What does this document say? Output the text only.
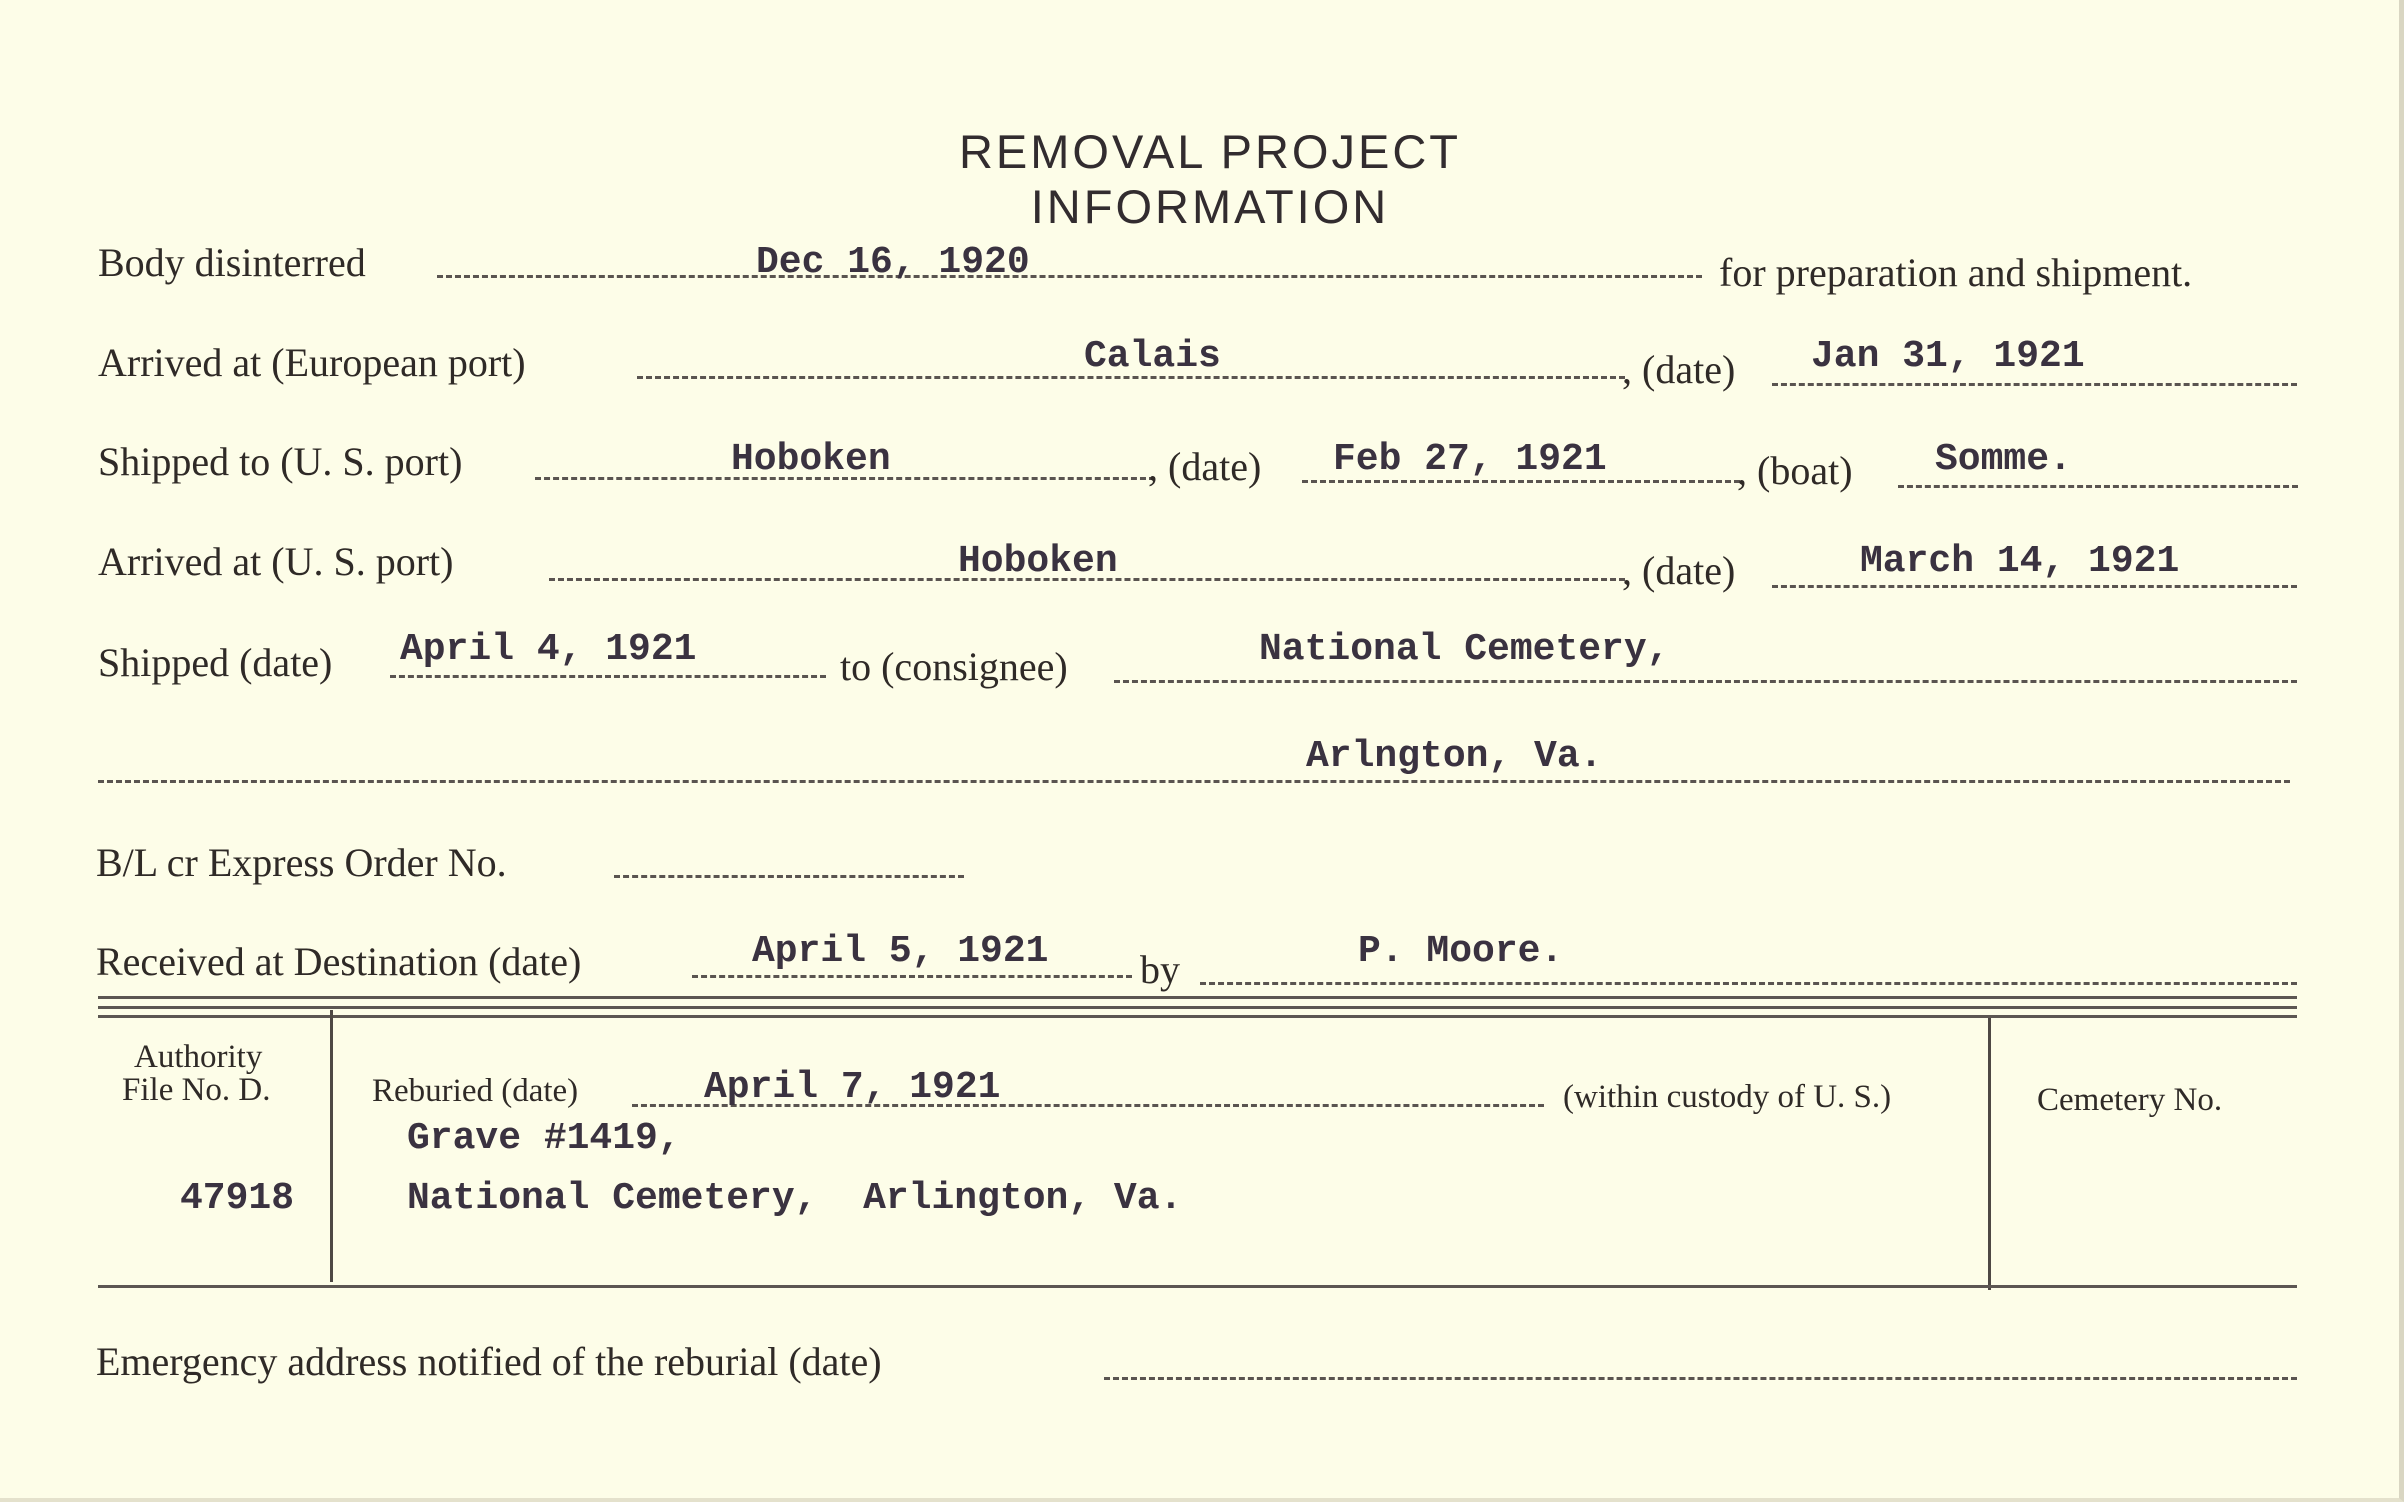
REMOVAL PROJECT INFORMATION
Body disinterred	Dec 16, 1920	for preparation and shipment.
Arrived at (European port)	Calais	, (date) Jan 31, 1921
Shipped to (U. S. port)	Hoboken	, (date) Feb 27, 1921	, (boat) Somme.
Arrived at (U. S. port)	Hoboken	, (date)	March 14, 1921
Shipped (date) April 4, 1921	to (consignee)	National Cemetery,
Arlngton, Va.
B/L cr Express Order No.
Received at Destination (date)	April 5, 1921 by	P. Moore.
Authority
File No. D.
47918
Reburied (date)	April 7, 1921	(within custody of U. S.)
Grave #1419,
National Cemetery,  Arlington, Va.
Cemetery No.
Emergency address notified of the reburial (date)
